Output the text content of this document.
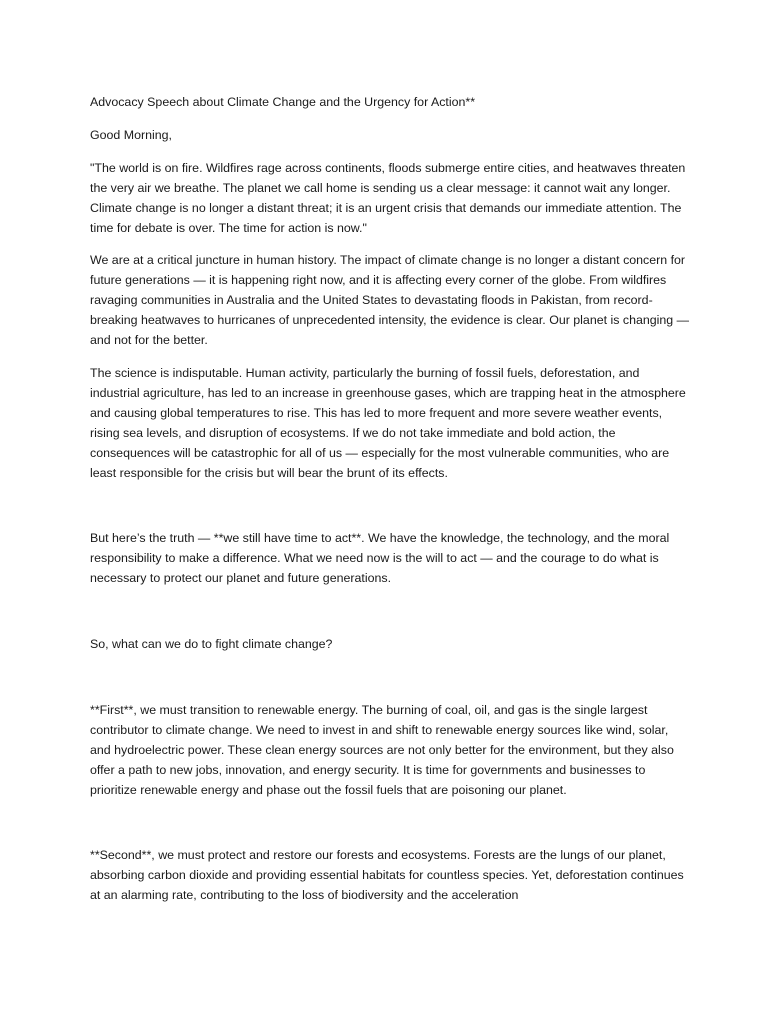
Advocacy Speech about Climate Change and the Urgency for Action**

Good Morning,

"The world is on fire. Wildfires rage across continents, floods submerge entire cities, and heatwaves threaten the very air we breathe. The planet we call home is sending us a clear message: it cannot wait any longer. Climate change is no longer a distant threat; it is an urgent crisis that demands our immediate attention. The time for debate is over. The time for action is now."

We are at a critical juncture in human history. The impact of climate change is no longer a distant concern for future generations — it is happening right now, and it is affecting every corner of the globe. From wildfires ravaging communities in Australia and the United States to devastating floods in Pakistan, from record-breaking heatwaves to hurricanes of unprecedented intensity, the evidence is clear. Our planet is changing — and not for the better.

The science is indisputable. Human activity, particularly the burning of fossil fuels, deforestation, and industrial agriculture, has led to an increase in greenhouse gases, which are trapping heat in the atmosphere and causing global temperatures to rise. This has led to more frequent and more severe weather events, rising sea levels, and disruption of ecosystems. If we do not take immediate and bold action, the consequences will be catastrophic for all of us — especially for the most vulnerable communities, who are least responsible for the crisis but will bear the brunt of its effects.

But here’s the truth — **we still have time to act**. We have the knowledge, the technology, and the moral responsibility to make a difference. What we need now is the will to act — and the courage to do what is necessary to protect our planet and future generations.

So, what can we do to fight climate change?

**First**, we must transition to renewable energy. The burning of coal, oil, and gas is the single largest contributor to climate change. We need to invest in and shift to renewable energy sources like wind, solar, and hydroelectric power. These clean energy sources are not only better for the environment, but they also offer a path to new jobs, innovation, and energy security. It is time for governments and businesses to prioritize renewable energy and phase out the fossil fuels that are poisoning our planet.

**Second**, we must protect and restore our forests and ecosystems. Forests are the lungs of our planet, absorbing carbon dioxide and providing essential habitats for countless species. Yet, deforestation continues at an alarming rate, contributing to the loss of biodiversity and the acceleration
